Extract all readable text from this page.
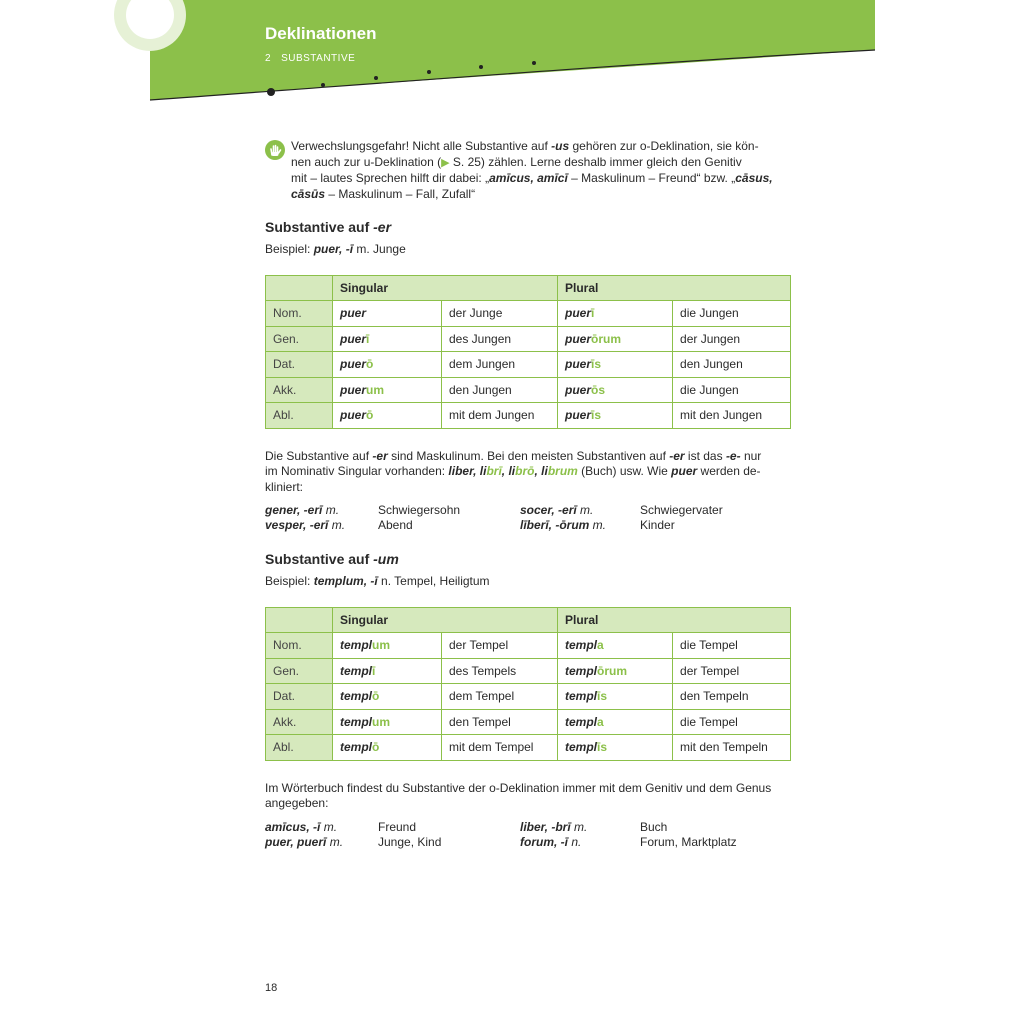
Deklinationen
2 SUBSTANTIVE
Verwechslungsgefahr! Nicht alle Substantive auf -us gehören zur o-Deklination, sie kön-
nen auch zur u-Deklination (▶ S. 25) zählen. Lerne deshalb immer gleich den Genitiv
mit – lautes Sprechen hilft dir dabei: „amīcus, amīcī – Maskulinum – Freund“ bzw. „cāsus,
cāsūs – Maskulinum – Fall, Zufall“
Substantive auf -er
Beispiel: puer, -ī m. Junge
	Singular		Plural	
Nom.	puer	der Junge	puerī	die Jungen
Gen.	puerī	des Jungen	puerōrum	der Jungen
Dat.	puerō	dem Jungen	puerīs	den Jungen
Akk.	puerum	den Jungen	puerōs	die Jungen
Abl.	puerō	mit dem Jungen	puerīs	mit den Jungen
Die Substantive auf -er sind Maskulinum. Bei den meisten Substantiven auf -er ist das -e- nur
im Nominativ Singular vorhanden: liber, librī, librō, librum (Buch) usw. Wie puer werden de-
kliniert:
gener, -erī m.	Schwiegersohn	socer, -erī m.	Schwiegervater
vesper, -erī m.	Abend	līberī, -ōrum m.	Kinder
Substantive auf -um
Beispiel: templum, -ī n. Tempel, Heiligtum
	Singular		Plural	
Nom.	templum	der Tempel	templa	die Tempel
Gen.	templī	des Tempels	templōrum	der Tempel
Dat.	templō	dem Tempel	templīs	den Tempeln
Akk.	templum	den Tempel	templa	die Tempel
Abl.	templō	mit dem Tempel	templīs	mit den Tempeln
Im Wörterbuch findest du Substantive der o-Deklination immer mit dem Genitiv und dem Genus angegeben:
amīcus, -ī m.	Freund	liber, -brī m.	Buch
puer, puerī m.	Junge, Kind	forum, -ī n.	Forum, Marktplatz
18
